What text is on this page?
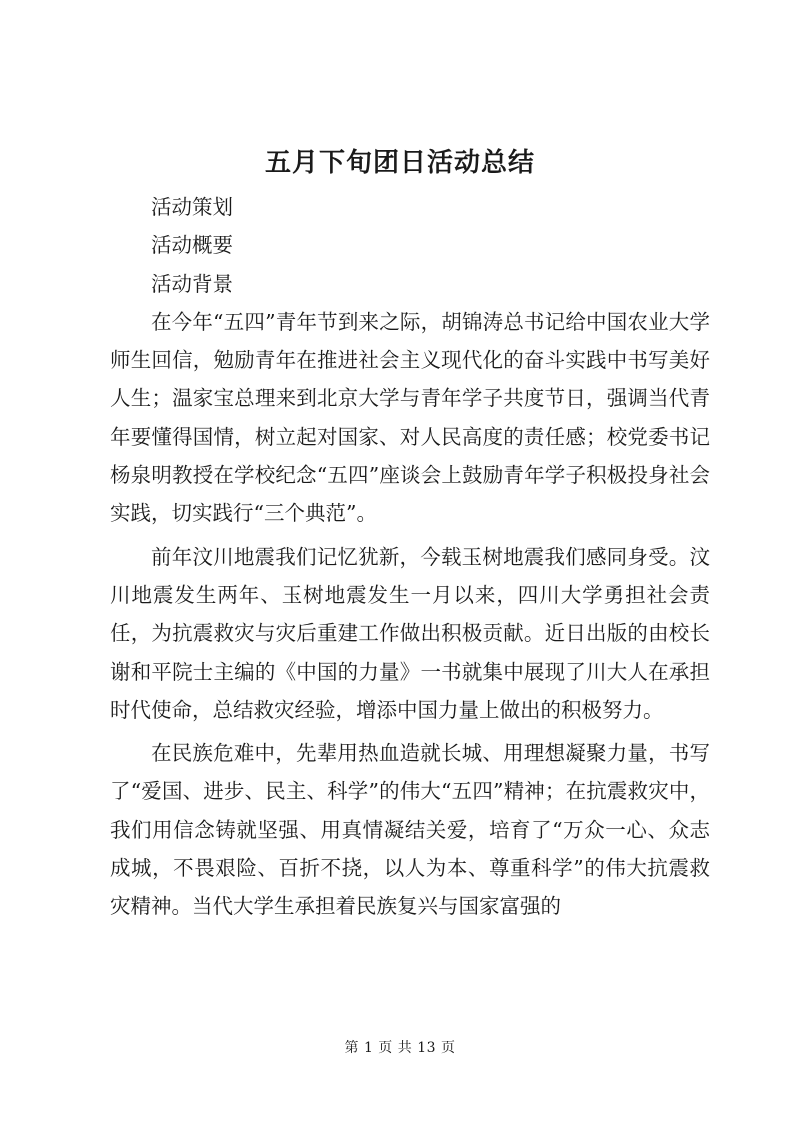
五月下旬团日活动总结

活动策划

活动概要

活动背景

在今年“五四”青年节到来之际，胡锦涛总书记给中国农业大学师生回信，勉励青年在推进社会主义现代化的奋斗实践中书写美好人生；温家宝总理来到北京大学与青年学子共度节日，强调当代青年要懂得国情，树立起对国家、对人民高度的责任感；校党委书记杨泉明教授在学校纪念“五四”座谈会上鼓励青年学子积极投身社会实践，切实践行“三个典范”。

前年汶川地震我们记忆犹新，今载玉树地震我们感同身受。汶川地震发生两年、玉树地震发生一月以来，四川大学勇担社会责任，为抗震救灾与灾后重建工作做出积极贡献。近日出版的由校长谢和平院士主编的《中国的力量》一书就集中展现了川大人在承担时代使命，总结救灾经验，增添中国力量上做出的积极努力。

在民族危难中，先辈用热血造就长城、用理想凝聚力量，书写了“爱国、进步、民主、科学”的伟大“五四”精神；在抗震救灾中，我们用信念铸就坚强、用真情凝结关爱，培育了“万众一心、众志成城，不畏艰险、百折不挠，以人为本、尊重科学”的伟大抗震救灾精神。当代大学生承担着民族复兴与国家富强的

第 1 页 共 13 页
